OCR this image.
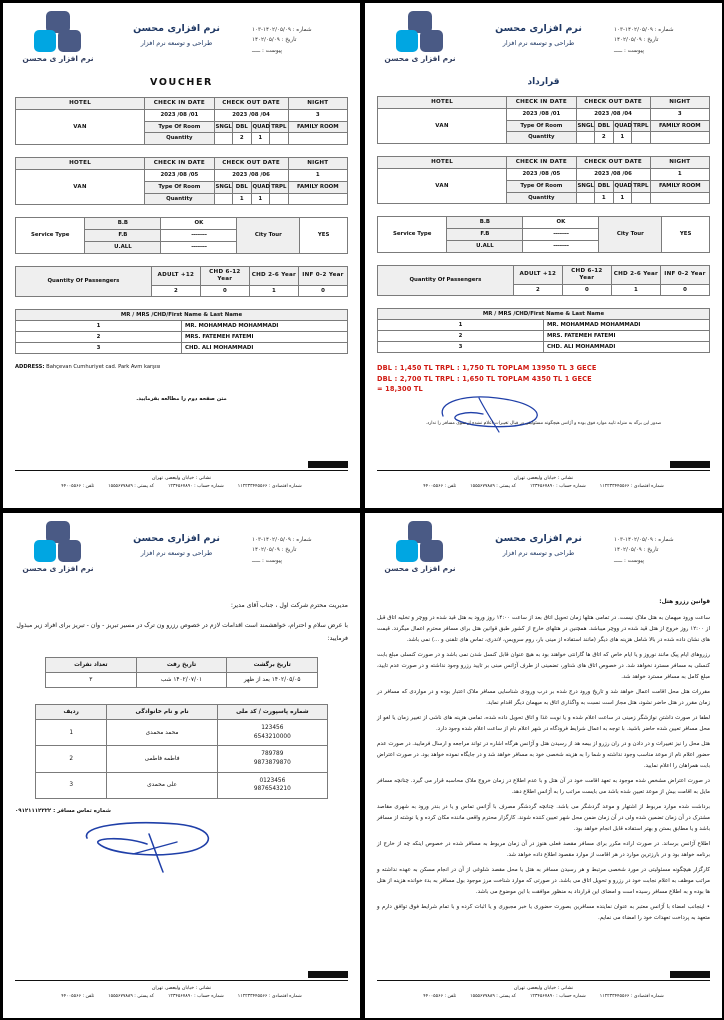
نرم افزار ی محسن
نرم افزاری محسن
طراحی و توسعه نرم افزار
شماره : ۱۴۰۲/۰۵/۰۹-۱۰۳
تاریخ : ۱۴۰۲/۰۵/۰۹
پیوست : ـــــ
قرارداد
HOTEL	CHECK IN DATE	CHECK OUT DATE				NIGHT
VAN	2023 /08 /01	2023 /08 /04				3
	Type Of Room	SNGL	DBL	QUAD	TRPL	FAMILY ROOM
	Quantity		2	1		
HOTEL	CHECK IN DATE	CHECK OUT DATE				NIGHT
VAN	2023 /08 /05	2023 /08 /06				1
	Type Of Room	SNGL	DBL	QUAD	TRPL	FAMILY ROOM
	Quantity		1	1		
Service Type	B.B	OK	City Tour	YES
	F.B	--------		
	U.ALL	--------		
Quantity Of Passengers	ADULT +12	CHD 6-12 Year	CHD 2-6 Year	INF 0-2 Year
	2	0	1	0
MR / MRS /CHD/First Name & Last Name	
1	MR. MOHAMMAD MOHAMMADI
2	MRS. FATEMEH FATEMI
3	CHD. ALI MOHAMMADI
DBL : 1,450 TL TRPL : 1,750 TL TOPLAM 13950 TL 3 GECE
DBL : 2,700 TL TRPL : 1,650 TL TOPLAM 4350 TL 1 GECE
= 18,300 TL
صدور این برگه به منزله تایید موارد فوق بوده و آژانس هیچگونه مسئولیتی در قبال تغییرات اعلام نشده از سوی مسافر را ندارد.
نشانی : خیابان ولیعصر، تهران
شماره اقتصادی : ۱۱۲۲۳۳۴۴۵۵۶۶
شماره حساب : ۱۲۳۴۵۶۷۸۹۰
کد پستی : ۱۵۵۵۶۷۷۸۸۹
تلفن : ۴۴۰۰۵۵۶۶
نرم افزار ی محسن
نرم افزاری محسن
طراحی و توسعه نرم افزار
شماره : ۱۴۰۲/۰۵/۰۹-۱۰۳
تاریخ : ۱۴۰۲/۰۵/۰۹
پیوست : ـــــ
VOUCHER
HOTEL	CHECK IN DATE	CHECK OUT DATE				NIGHT
VAN	2023 /08 /01	2023 /08 /04				3
	Type Of Room	SNGL	DBL	QUAD	TRPL	FAMILY ROOM
	Quantity		2	1		
HOTEL	CHECK IN DATE	CHECK OUT DATE				NIGHT
VAN	2023 /08 /05	2023 /08 /06				1
	Type Of Room	SNGL	DBL	QUAD	TRPL	FAMILY ROOM
	Quantity		1	1		
Service Type	B.B	OK	City Tour	YES
	F.B	--------		
	U.ALL	--------		
Quantity Of Passengers	ADULT +12	CHD 6-12 Year	CHD 2-6 Year	INF 0-2 Year
	2	0	1	0
MR / MRS /CHD/First Name & Last Name	
1	MR. MOHAMMAD MOHAMMADI
2	MRS. FATEMEH FATEMI
3	CHD. ALI MOHAMMADI
ADDRESS: Bahçevan Cumhuriyet cad. Park Avm karşısı
متن صفحه دوم را مطالعه بفرمایید.
نشانی : خیابان ولیعصر، تهران
شماره اقتصادی : ۱۱۲۲۳۳۴۴۵۵۶۶
شماره حساب : ۱۲۳۴۵۶۷۸۹۰
کد پستی : ۱۵۵۵۶۷۷۸۸۹
تلفن : ۴۴۰۰۵۵۶۶
نرم افزار ی محسن
نرم افزاری محسن
طراحی و توسعه نرم افزار
شماره : ۱۴۰۲/۰۵/۰۹-۱۰۳
تاریخ : ۱۴۰۲/۰۵/۰۹
پیوست : ـــــ

قوانین رزرو هتل:

ساعت ورود میهمان به هتل ملاک نیست. در تمامی هتلها زمان تحویل اتاق بعد از ساعت ۱۴:۰۰ روز ورود به هتل قید شده در ووچر و تخلیه اتاق قبل از ۱۲:۰۰ روز خروج از هتل قید شده در ووچر میباشد. همچنین در هتلهای خارج از کشور طبق قوانین هتل برای مسافر محترم اعمال میگردد. قیمت های نشان داده شده در بالا شامل هزینه های دیگر (مانند استفاده از مینی بار، روم سرویس، لاندری، تماس های تلفنی و ...) نمی باشد.

رزروهای ایام پیک مانند نوروز و یا ایام خاص که اتاق ها گارانتی خواهند بود به هیچ عنوان قابل کنسل شدن نمی باشد و در صورت کنسلی مبلغ بابت کنسلی به مسافر مسترد نخواهد شد. در خصوص اتاق های شناور، تضمینی از طرف آژانس مبنی بر تایید رزرو وجود نداشته و در صورت عدم تایید، مبلغ کامل به مسافر مسترد خواهد شد.

مقررات هتل محل اقامت اعمال خواهد شد و تاریخ ورود درج شده بر درب ورودی شناسایی مسافر ملاک اعتبار بوده و در مواردی که مسافر در زمان مقرر در هتل حاضر نشود، هتل مجاز است نسبت به واگذاری اتاق به میهمان دیگر اقدام نماید.

لطفا در صورت داشتن نوازشگر زمینی در ساعت اعلام شده و یا نوبت غذا و اتاق تحویل داده شده، تمامی هزینه های ناشی از تغییر زمان یا لغو از محل مسافر تعیین شده حاضر باشید. با توجه به اعمال شرایط فرودگاه در شهر اعلام نام از ساعت اعلام شده وجود دارد.

هتل محل را نیز تغییرات و در دادن و در ران رزرو از بیمه هد از رسیدن هتل و آژانس هرگاه اشاره در تواند مراجعه و ارسال فرمایید. در صورت عدم حضور اعلام نام از موعد مناسب وجود نداشته و شما را به هزینه شخصی خود به مسافر خواهد شد و در جایگاه نموده خواهد بود. در صورت اعتراض بابت همراهان را اعلام نمایید.

در صورت اعتراض مشخص شده موجود به تعهد اقامت خود در آن هتل و با عدم اطلاع در زمان خروج ملاک محاسبه قرار می گیرد. چنانچه مسافر مایل به اقامت بیش از موعد تعیین شده باشد می بایست مراتب را به آژانس اطلاع دهد.

برداشت شده موارد مربوط از اشتهار و موعد گردشگر می باشد. چنانچه گردشگر مصرف با آژانس تماس و یا در بندر ورود به شهری مقاصد مشترک در آن زمان تضمین شده ولی در آن زمان ضمن محل شهر تعیین کننده شوند. کارگزار محترم واقعی ماننده مکان کرده و یا نوشته از مسافر باشد و یا مطابق بستن و بهتر استفاده قابل انجام خواهد بود.

اطلاع آژانس برساند. در صورت اراده مکرر برای مسافر مقصد فعلی هنوز در آن زمان مربوط به مسافر شده در خصوص اینکه چه از خارج از برنامه خواهد بود و در بارزترین موارد در هر اقامت از موارد مقصود اطلاع داده خواهد شد.

کارگزار هیچگونه مسئولیتی در مورد شخصی مرتبط و هر رسیدن مسافر به هتل یا محل مقصد شلوغی از آن در انجام مسکن به عهده نداشته و مراتب موظف به اعلام نجابت خود در رزرو و تحویل اتاق می باشد. در صورتی که موارد شناخت مرز موجود بول مسافر به بدء خوانده هزینه از هتل ها بوده و به اطلاع مسافر رسیده است و امضای این قرارداد به منظور موافقت با این موضوع می باشد.

• اینجانب امضاء با آژانس معتبر به عنوان نماینده مسافرین بصورت حضوری یا خبر مجبوری و یا اثبات کرده و با تمام شرایط فوق توافق دارم و متعهد به پرداخت تعهدات خود را امضاء می نمایم.

نشانی : خیابان ولیعصر، تهران
شماره اقتصادی : ۱۱۲۲۳۳۴۴۵۵۶۶
شماره حساب : ۱۲۳۴۵۶۷۸۹۰
کد پستی : ۱۵۵۵۶۷۷۸۸۹
تلفن : ۴۴۰۰۵۵۶۶
نرم افزار ی محسن
نرم افزاری محسن
طراحی و توسعه نرم افزار
شماره : ۱۴۰۲/۰۵/۰۹-۱۰۳
تاریخ : ۱۴۰۲/۰۵/۰۹
پیوست : ـــــ

مدیریت محترم شرکت اول ، جناب آقای مدیر:

با عرض سلام و احترام، خواهشمند است اقدامات لازم در خصوص رزرو ون ترک در مسیر تبریز - وان - تبریز برای افراد زیر مبذول فرمایید:

تاریخ برگشت	تاریخ رفت	تعداد نفرات
۱۴۰۲/۰۵/۰۵ بعد از ظهر	۱۴۰۲/۰۷/۰۱ شب	۳
شماره پاسپورت / کد ملی	نام و نام خانوادگی	ردیف
123456
6543210000	محمد محمدی	1
789789
9873879870	فاطمه فاطمی	2
0123456
9876543210	علی محمدی	3
شماره تماس مسافر : ۰۹۱۲۱۱۱۲۲۲۲
نشانی : خیابان ولیعصر، تهران
شماره اقتصادی : ۱۱۲۲۳۳۴۴۵۵۶۶
شماره حساب : ۱۲۳۴۵۶۷۸۹۰
کد پستی : ۱۵۵۵۶۷۷۸۸۹
تلفن : ۴۴۰۰۵۵۶۶
